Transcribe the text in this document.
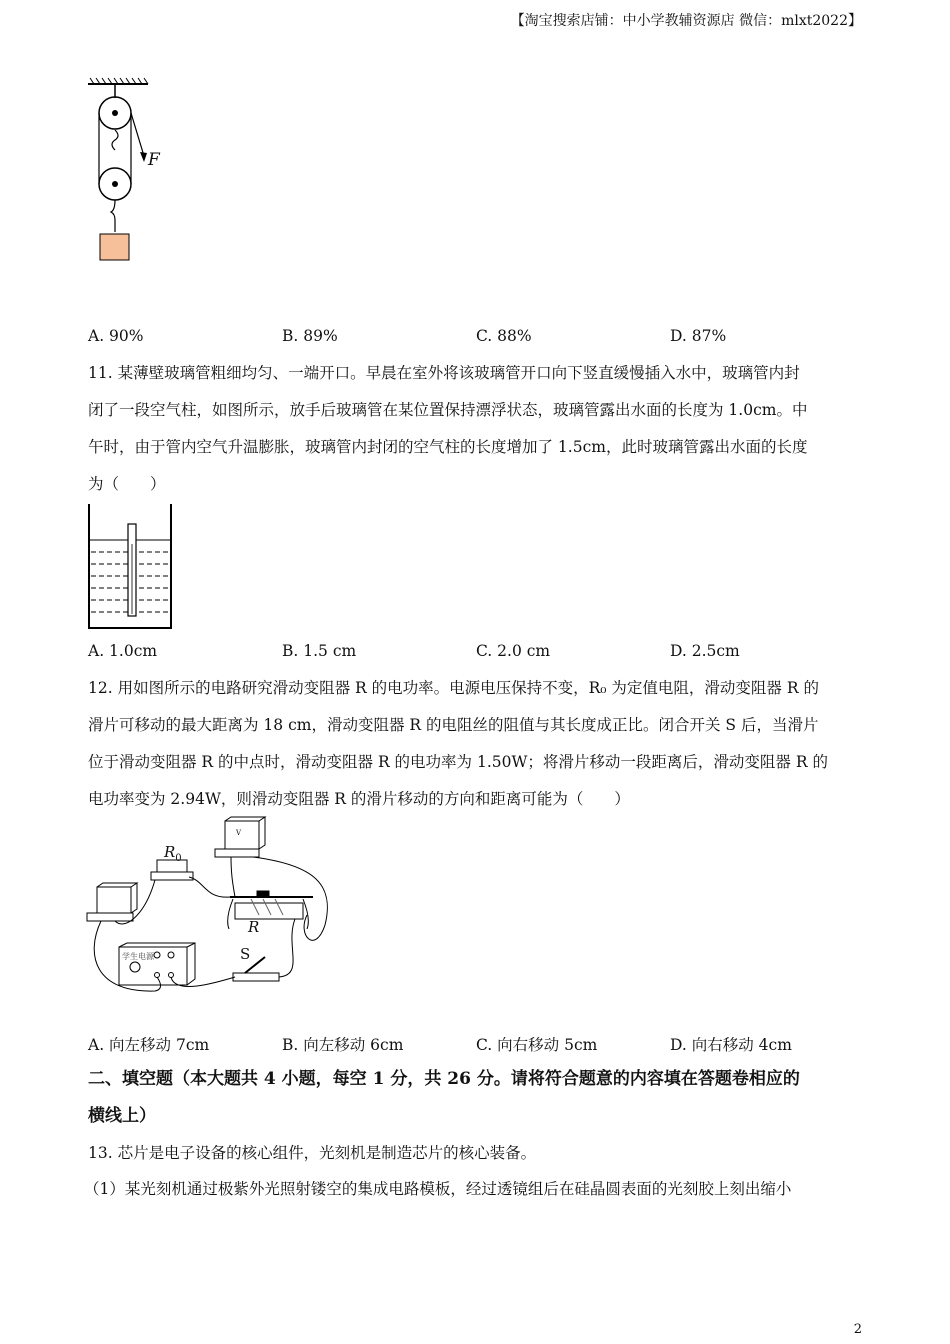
【淘宝搜索店铺：中小学教辅资源店 微信：mlxt2022】
F
A. 90%	B. 89%	C. 88%	D. 87%
11. 某薄壁玻璃管粗细均匀、一端开口。早晨在室外将该玻璃管开口向下竖直缓慢插入水中，玻璃管内封
闭了一段空气柱，如图所示，放手后玻璃管在某位置保持漂浮状态，玻璃管露出水面的长度为 1.0cm。中
午时，由于管内空气升温膨胀，玻璃管内封闭的空气柱的长度增加了 1.5cm，此时玻璃管露出水面的长度
为（　　）
A. 1.0cm	B. 1.5 cm	C. 2.0 cm	D. 2.5cm
12. 用如图所示的电路研究滑动变阻器 R 的电功率。电源电压保持不变，R₀ 为定值电阻，滑动变阻器 R 的
滑片可移动的最大距离为 18 cm，滑动变阻器 R 的电阻丝的阻值与其长度成正比。闭合开关 S 后，当滑片
位于滑动变阻器 R 的中点时，滑动变阻器 R 的电功率为 1.50W；将滑片移动一段距离后，滑动变阻器 R 的
电功率变为 2.94W，则滑动变阻器 R 的滑片移动的方向和距离可能为（　　）
$R_0$
R
S
学生电源
V
A. 向左移动 7cm	B. 向左移动 6cm	C. 向右移动 5cm	D. 向右移动 4cm
二、填空题（本大题共 4 小题，每空 1 分，共 26 分。请将符合题意的内容填在答题卷相应的
横线上）
13. 芯片是电子设备的核心组件，光刻机是制造芯片的核心装备。
（1）某光刻机通过极紫外光照射镂空的集成电路模板，经过透镜组后在硅晶圆表面的光刻胶上刻出缩小
2
